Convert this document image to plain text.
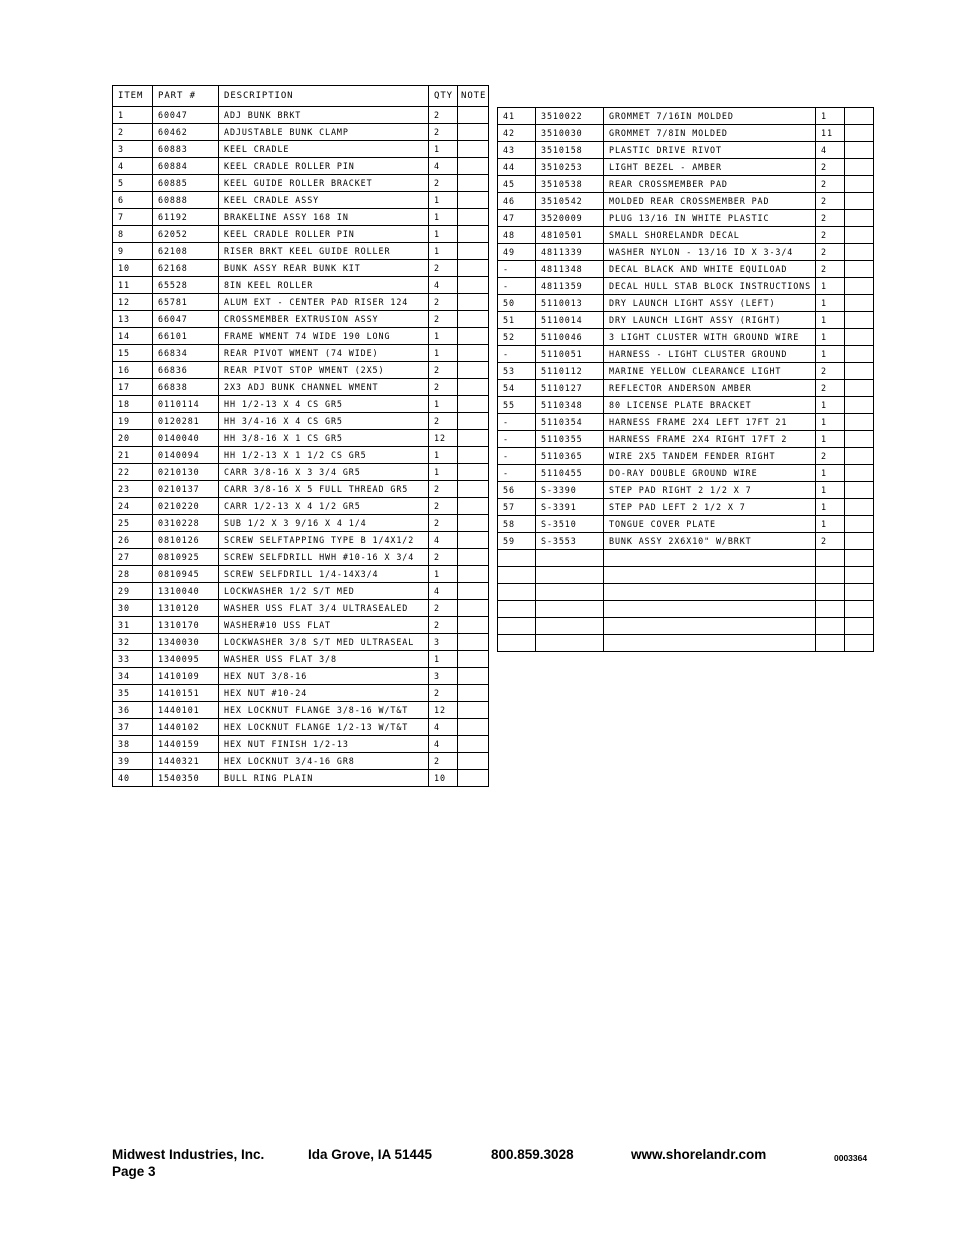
ITEM	PART #	DESCRIPTION	QTY	NOTE
1	60047	ADJ BUNK BRKT	2	
2	60462	ADJUSTABLE BUNK CLAMP	2	
3	60883	KEEL CRADLE	1	
4	60884	KEEL CRADLE ROLLER PIN	4	
5	60885	KEEL GUIDE ROLLER BRACKET	2	
6	60888	KEEL CRADLE ASSY	1	
7	61192	BRAKELINE ASSY 168 IN	1	
8	62052	KEEL CRADLE ROLLER PIN	1	
9	62108	RISER BRKT KEEL GUIDE ROLLER	1	
10	62168	BUNK ASSY REAR BUNK KIT	2	
11	65528	8IN KEEL ROLLER	4	
12	65781	ALUM EXT - CENTER PAD RISER 124	2	
13	66047	CROSSMEMBER EXTRUSION ASSY	2	
14	66101	FRAME WMENT 74 WIDE 190 LONG	1	
15	66834	REAR PIVOT WMENT (74 WIDE)	1	
16	66836	REAR PIVOT STOP WMENT (2X5)	2	
17	66838	2X3 ADJ BUNK CHANNEL WMENT	2	
18	0110114	HH 1/2-13 X 4 CS GR5	1	
19	0120281	HH 3/4-16 X 4 CS GR5	2	
20	0140040	HH 3/8-16 X 1 CS GR5	12	
21	0140094	HH 1/2-13 X 1 1/2 CS GR5	1	
22	0210130	CARR 3/8-16 X 3 3/4 GR5	1	
23	0210137	CARR 3/8-16 X 5 FULL THREAD GR5	2	
24	0210220	CARR 1/2-13 X 4 1/2 GR5	2	
25	0310228	SUB 1/2 X 3 9/16 X 4 1/4	2	
26	0810126	SCREW SELFTAPPING TYPE B 1/4X1/2	4	
27	0810925	SCREW SELFDRILL HWH #10-16 X 3/4	2	
28	0810945	SCREW SELFDRILL 1/4-14X3/4	1	
29	1310040	LOCKWASHER 1/2 S/T MED	4	
30	1310120	WASHER USS FLAT 3/4 ULTRASEALED	2	
31	1310170	WASHER#10 USS FLAT	2	
32	1340030	LOCKWASHER 3/8 S/T MED ULTRASEAL	3	
33	1340095	WASHER USS FLAT 3/8	1	
34	1410109	HEX NUT 3/8-16	3	
35	1410151	HEX NUT #10-24	2	
36	1440101	HEX LOCKNUT FLANGE 3/8-16 W/T&T	12	
37	1440102	HEX LOCKNUT FLANGE 1/2-13 W/T&T	4	
38	1440159	HEX NUT FINISH 1/2-13	4	
39	1440321	HEX LOCKNUT 3/4-16 GR8	2	
40	1540350	BULL RING PLAIN	10	
41	3510022	GROMMET 7/16IN MOLDED	1	
42	3510030	GROMMET 7/8IN MOLDED	11	
43	3510158	PLASTIC DRIVE RIVOT	4	
44	3510253	LIGHT BEZEL - AMBER	2	
45	3510538	REAR CROSSMEMBER PAD	2	
46	3510542	MOLDED REAR CROSSMEMBER PAD	2	
47	3520009	PLUG 13/16 IN WHITE PLASTIC	2	
48	4810501	SMALL SHORELANDR DECAL	2	
49	4811339	WASHER NYLON - 13/16 ID X 3-3/4	2	
-	4811348	DECAL BLACK AND WHITE EQUILOAD	2	
-	4811359	DECAL HULL STAB BLOCK INSTRUCTIONS	1	
50	5110013	DRY LAUNCH LIGHT ASSY (LEFT)	1	
51	5110014	DRY LAUNCH LIGHT ASSY (RIGHT)	1	
52	5110046	3 LIGHT CLUSTER WITH GROUND WIRE	1	
-	5110051	HARNESS - LIGHT CLUSTER GROUND	1	
53	5110112	MARINE YELLOW CLEARANCE LIGHT	2	
54	5110127	REFLECTOR ANDERSON AMBER	2	
55	5110348	80 LICENSE PLATE BRACKET	1	
-	5110354	HARNESS FRAME 2X4 LEFT 17FT 21	1	
-	5110355	HARNESS FRAME 2X4 RIGHT 17FT 2	1	
-	5110365	WIRE 2X5 TANDEM FENDER RIGHT	2	
-	5110455	DO-RAY DOUBLE GROUND WIRE	1	
56	S-3390	STEP PAD RIGHT 2 1/2 X 7	1	
57	S-3391	STEP PAD LEFT 2 1/2 X 7	1	
58	S-3510	TONGUE COVER PLATE	1	
59	S-3553	BUNK ASSY 2X6X10" W/BRKT	2	

Midwest Industries, Inc.	Ida Grove, IA 51445	800.859.3028	www.shorelandr.com	0003364
Page 3
